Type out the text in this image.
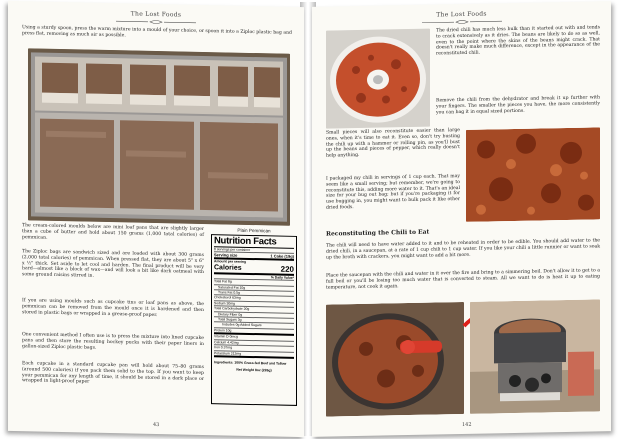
The Lost Foods

Using a sturdy spoon, press the warm mixture into a mould of your choice, or spoon it into a Ziploc plastic bag and press flat, removing as much air as possible.

The cream-colored moulds below are mini loaf pans that are slightly larger than a cube of butter and hold about 150 grams (1,000 total calories) of pemmican.

The Ziploc bags are sandwich sized and are loaded with about 300 grams (2,000 total calories) of pemmican. When pressed flat, they are about 5" x 6" x ½" thick. Set aside to let cool and harden. The final product will be very hard—almost like a block of wax—and will look a bit like dark oatmeal with some ground raisins stirred in.

If you are using moulds such as cupcake tins or loaf pans as above, the pemmican can be removed from the mould once it is hardened and then stored in plastic bags or wrapped in a grease-proof paper.

One convenient method I often use is to press the mixture into lined cupcake pans and then store the resulting hockey pucks with their paper liners in gallon-sized Ziploc plastic bags.

Each cupcake in a standard cupcake pan will hold about 75–80 grams (around 500 calories) if you pack them solid to the top. If you want to keep your pemmican for any length of time, it should be stored in a dark place or wrapped in light-proof paper

Plain Pemmican
Nutrition Facts
8 servings per container
Serving size	1 Cake (19g)
Amount per serving
Calories	220
% Daily Value*
Total Fat 8g
Saturated Fat 10g
Trans Fat 0.5g
Cholesterol 63mg
Sodium 30mg
Total Carbohydrate 20g
Dietary Fiber 0g
Total Sugars 3g
Includes 0g Added Sugars
Protein 10g
Vitamin D 0mcg
Calcium 4.42mg
Iron 0.37mg
Potassium 212mg
Ingredients: 100% Grass-fed Beef and Tallow
Net Weight 8oz (226g)
43
The Lost Foods

The dried chili has much less bulk than it started out with and tends to crack extensively as it dries. The beans are likely to do so as well, even to the point where the skins of the beans might crack. That doesn't really make much difference, except in the appearance of the reconstituted chili.

Remove the chili from the dehydrator and break it up further with your fingers. The smaller the pieces you have, the more consistently you can bag it in equal sized portions.

Small pieces will also reconstitute easier than large ones, when it's time to eat it. Even so, don't try busting the chili up with a hammer or rolling pin, as you'll bust up the beans and pieces of pepper, which really doesn't help anything.

I packaged my chili in servings of 1 cup each. That may seem like a small serving; but remember, we're going to reconstitute this, adding more water to it. That's an ideal size for your bug out bag; but if you're packaging it for use bugging in, you might want to bulk pack it like other dried foods.

Reconstituting the Chili to Eat

The chili will need to have water added to it and to be reheated in order to be edible. You should add water to the dried chili, in a saucepan, at a rate of 1 cup chili to 1 cup water. If you like your chili a little runnier or want to soak up the broth with crackers, you might want to add a bit more.

Place the saucepan with the chili and water in it over the fire and bring to a simmering boil. Don't allow it to get to a full boil or you'll be losing too much water that is converted to steam. All we want to do is heat it up to eating temperature, not cook it again.

142
